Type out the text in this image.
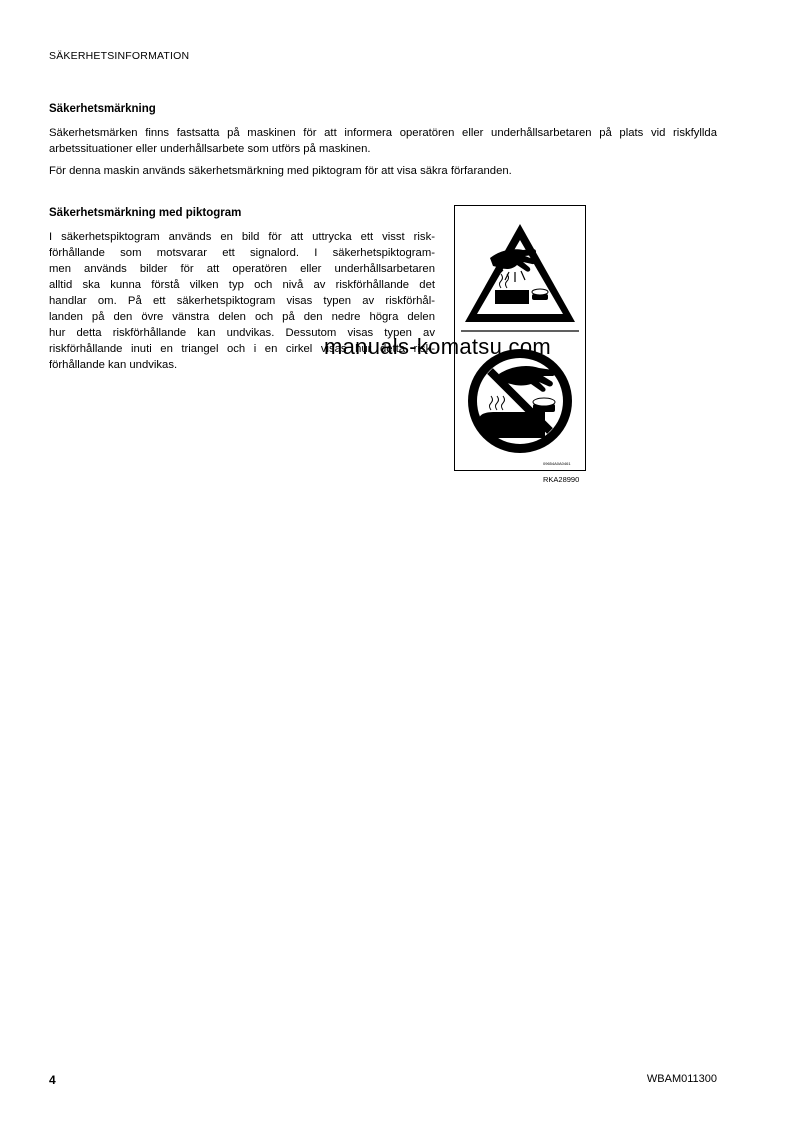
SÄKERHETSINFORMATION
Säkerhetsmärkning
Säkerhetsmärken finns fastsatta på maskinen för att informera operatören eller underhållsarbetaren på plats vid riskfyllda arbetssituationer eller underhållsarbete som utförs på maskinen.
För denna maskin används säkerhetsmärkning med piktogram för att visa säkra förfaranden.
Säkerhetsmärkning med piktogram
I säkerhetspiktogram används en bild för att uttrycka ett visst risk-
förhållande som motsvarar ett signalord. I säkerhetspiktogram-
men används bilder för att operatören eller underhållsarbetaren
alltid ska kunna förstå vilken typ och nivå av riskförhållande det
handlar om. På ett säkerhetspiktogram visas typen av riskförhål-
landen på den övre vänstra delen och på den nedre högra delen
hur detta riskförhållande kan undvikas. Dessutom visas typen av
riskförhållande inuti en triangel och i en cirkel visas hur detta risk-
förhållande kan undvikas.
09654A0A0461
RKA28990
manuals-komatsu.com
4	WBAM011300
